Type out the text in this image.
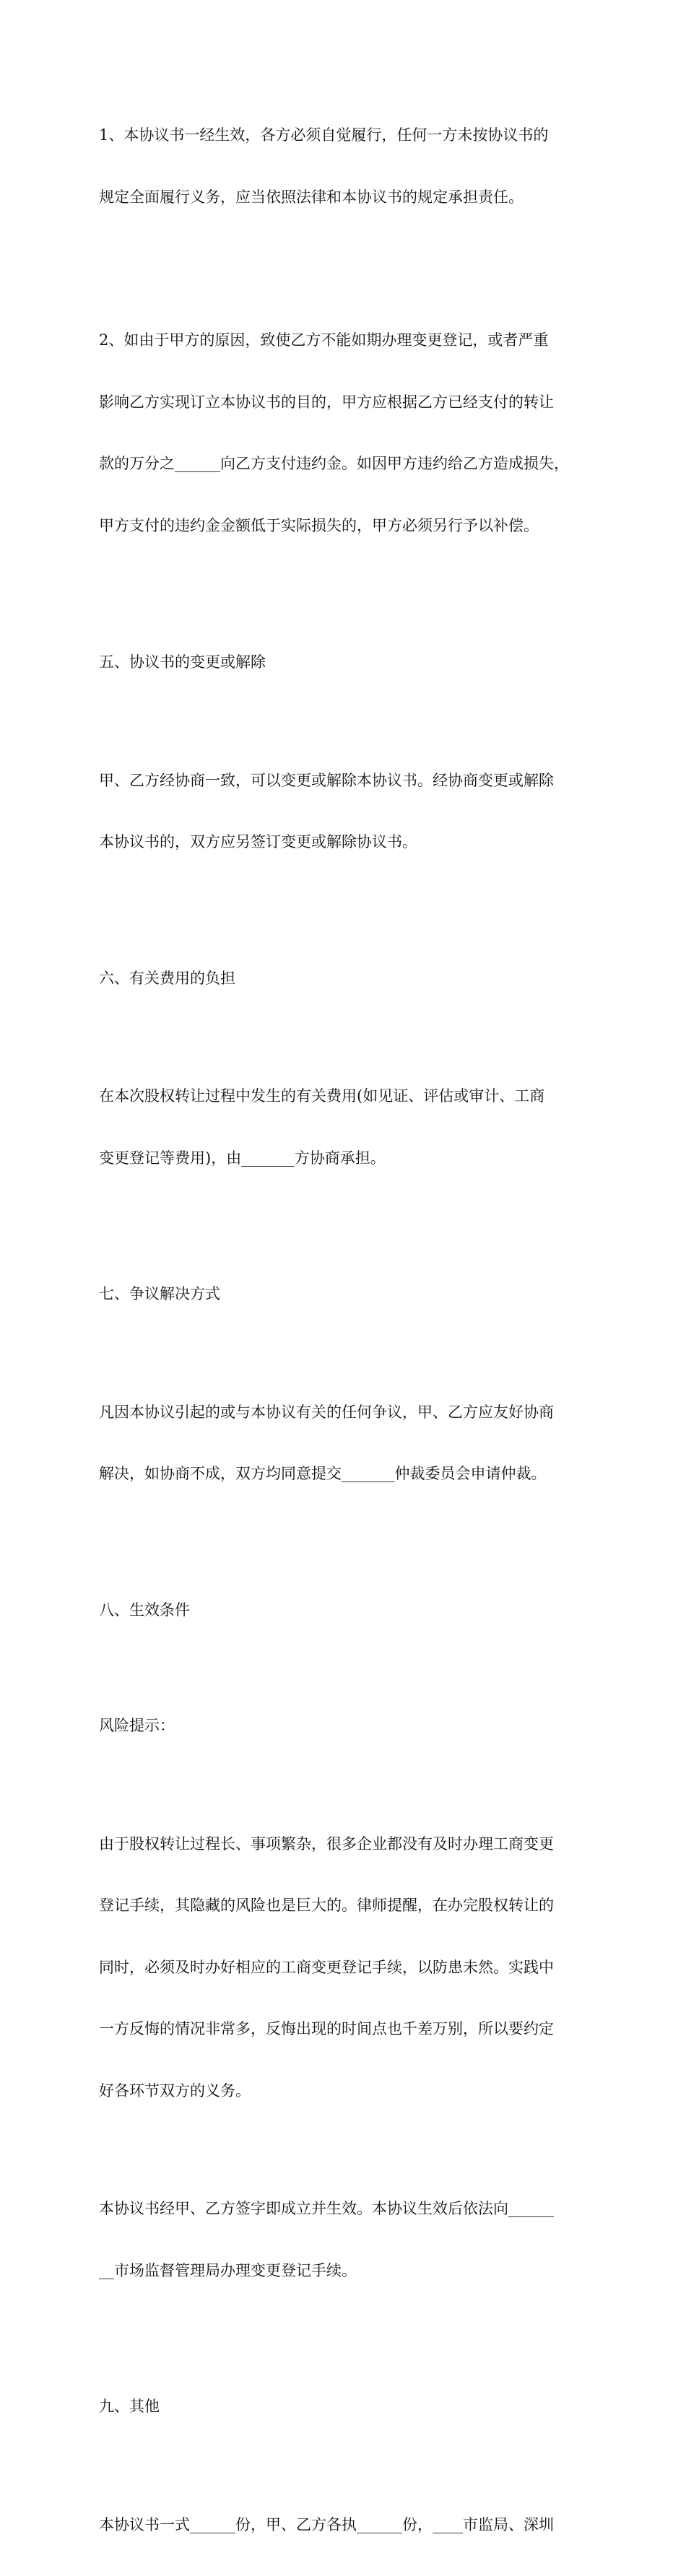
1、本协议书一经生效，各方必须自觉履行，任何一方未按协议书的

规定全面履行义务，应当依照法律和本协议书的规定承担责任。

2、如由于甲方的原因，致使乙方不能如期办理变更登记，或者严重

影响乙方实现订立本协议书的目的，甲方应根据乙方已经支付的转让

款的万分之______向乙方支付违约金。如因甲方违约给乙方造成损失，

甲方支付的违约金金额低于实际损失的，甲方必须另行予以补偿。

五、协议书的变更或解除

甲、乙方经协商一致，可以变更或解除本协议书。经协商变更或解除

本协议书的，双方应另签订变更或解除协议书。

六、有关费用的负担

在本次股权转让过程中发生的有关费用(如见证、评估或审计、工商

变更登记等费用)，由_______方协商承担。

七、争议解决方式

凡因本协议引起的或与本协议有关的任何争议，甲、乙方应友好协商

解决，如协商不成，双方均同意提交_______仲裁委员会申请仲裁。

八、生效条件

风险提示：

由于股权转让过程长、事项繁杂，很多企业都没有及时办理工商变更

登记手续，其隐藏的风险也是巨大的。律师提醒，在办完股权转让的

同时，必须及时办好相应的工商变更登记手续，以防患未然。实践中

一方反悔的情况非常多，反悔出现的时间点也千差万别，所以要约定

好各环节双方的义务。

本协议书经甲、乙方签字即成立并生效。本协议生效后依法向______

__市场监督管理局办理变更登记手续。

九、其他

本协议书一式______份，甲、乙方各执______份，____市监局、深圳
